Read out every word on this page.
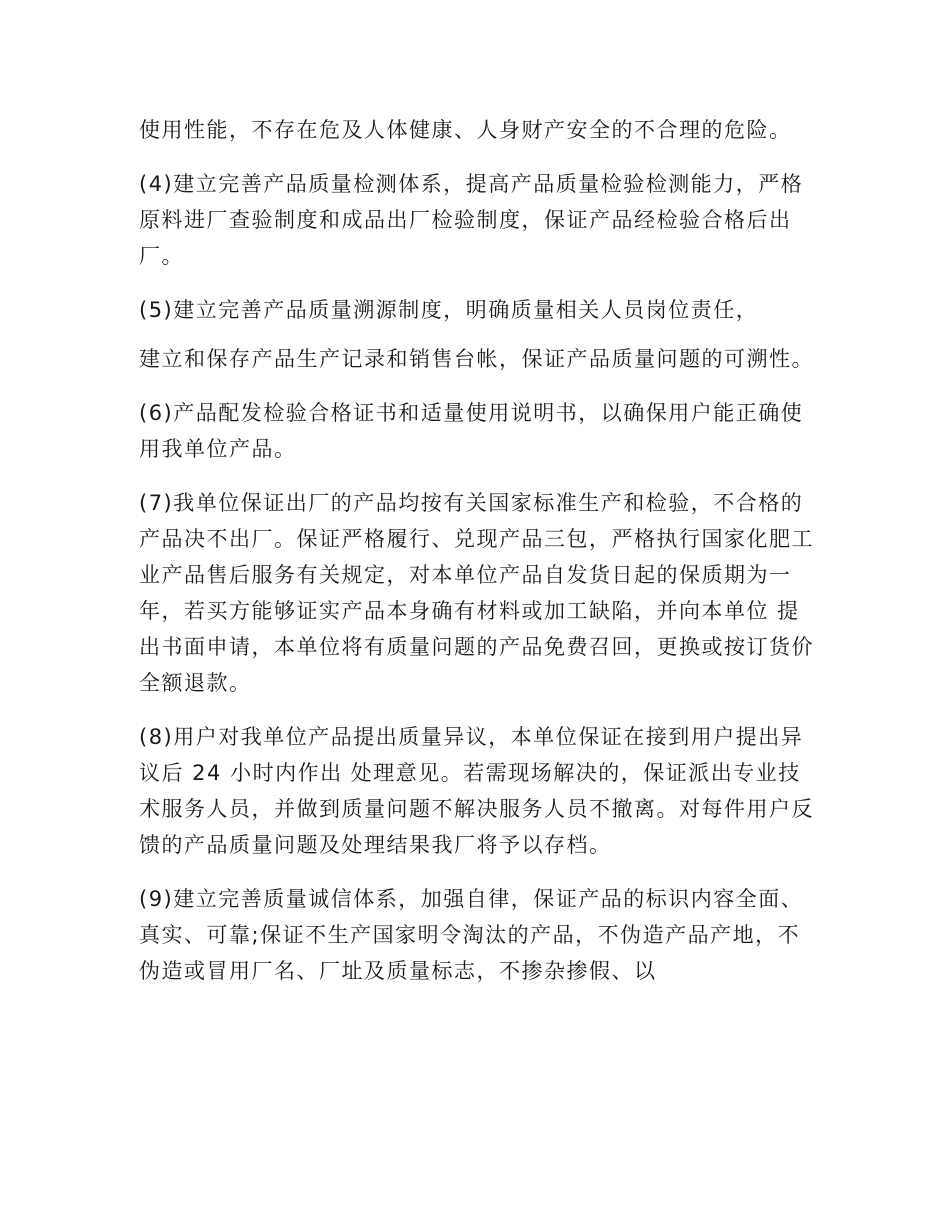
使用性能，不存在危及人体健康、人身财产安全的不合理的危险。

(4)建立完善产品质量检测体系，提高产品质量检验检测能力，严格原料进厂查验制度和成品出厂检验制度，保证产品经检验合格后出厂。

(5)建立完善产品质量溯源制度，明确质量相关人员岗位责任，

建立和保存产品生产记录和销售台帐，保证产品质量问题的可溯性。

(6)产品配发检验合格证书和适量使用说明书，以确保用户能正确使用我单位产品。

(7)我单位保证出厂的产品均按有关国家标准生产和检验，不合格的产品决不出厂。保证严格履行、兑现产品三包，严格执行国家化肥工业产品售后服务有关规定，对本单位产品自发货日起的保质期为一年，若买方能够证实产品本身确有材料或加工缺陷，并向本单位 提出书面申请，本单位将有质量问题的产品免费召回，更换或按订货价全额退款。

(8)用户对我单位产品提出质量异议，本单位保证在接到用户提出异议后 24 小时内作出 处理意见。若需现场解决的，保证派出专业技术服务人员，并做到质量问题不解决服务人员不撤离。对每件用户反馈的产品质量问题及处理结果我厂将予以存档。

(9)建立完善质量诚信体系，加强自律，保证产品的标识内容全面、真实、可靠;保证不生产国家明令淘汰的产品，不伪造产品产地，不伪造或冒用厂名、厂址及质量标志，不掺杂掺假、以
